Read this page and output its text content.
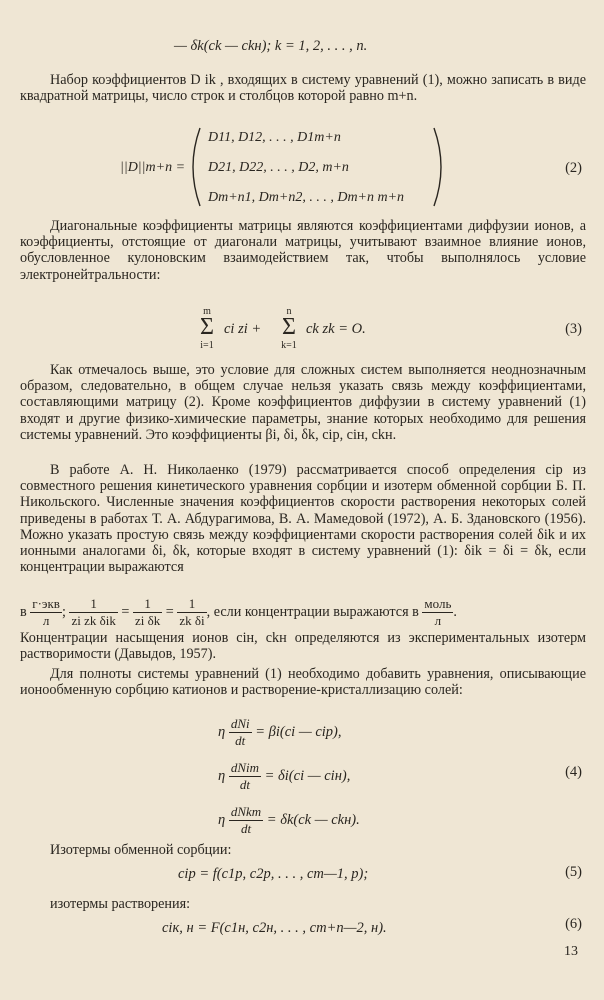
— δk(ck — ckн); k = 1, 2, . . . , n.

Набор коэффициентов D ik , входящих в систему уравнений (1), можно записать в виде квадратной матрицы, число строк и столбцов которой равно m+n.

||D||m+n =
D11, D12, . . . , D1m+n
D21, D22, . . . , D2, m+n
Dm+n1, Dm+n2, . . . , Dm+n m+n
(2)

Диагональные коэффициенты матрицы являются коэффициентами диффузии ионов, а коэффициенты, отстоящие от диагонали матрицы, учитывают взаимное влияние ионов, обусловленное кулоновским взаимодействием так, чтобы выполнялось условие электронейтральности:

m
Σ
i=1
ci zi +
n
Σ
k=1
ck zk = O.	(3)

Как отмечалось выше, это условие для сложных систем выполняется неоднозначным образом, следовательно, в общем случае нельзя указать связь между коэффициентами, составляющими матрицу (2). Кроме коэффициентов диффузии в систему уравнений (1) входят и другие физико-химические параметры, знание которых необходимо для решения системы уравнений. Это коэффициенты βi, δi, δk, cip, ciн, ckн.

В работе А. Н. Николаенко (1979) рассматривается способ определения cip из совместного решения кинетического уравнения сорбции и изотерм обменной сорбции Б. П. Никольского. Численные значения коэффициентов скорости растворения некоторых солей приведены в работах Т. А. Абдурагимова, В. А. Мамедовой (1972), А. Б. Здановского (1956). Можно указать простую связь между коэффициентами скорости растворения солей δik и их ионными аналогами δi, δk, которые входят в систему уравнений (1): δik = δi = δk, если концентрации выражаются

в $\frac{\text{г·экв}}{л}$ ; $\frac{1}{\text{zi zk δik}} = \frac{1}{\text{zi δk}} = \frac{1}{\text{zk δi}}$ , если концентрации выражаются в $\frac{\text{моль}}{л}$ .

Концентрации насыщения ионов ciн, ckн определяются из экспериментальных изотерм растворимости (Давыдов, 1957).

Для полноты системы уравнений (1) необходимо добавить уравнения, описывающие ионообменную сорбцию катионов и растворение-кристаллизацию солей:

η $\frac{\text{dNi}}{dt} = \beta i(ci$ — cip),
η $\frac{\text{dNiт}}{dt} = \delta i(ci$ — ciн),
η $\frac{\text{dNkт}}{dt} = \delta k(ck$ — ckн).
(4)

Изотермы обменной сорбции:

cip = f(c1p, c2p, . . . , cm—1, p);	(5)

изотермы растворения:

ciк, н = F(c1н, c2н, . . . , cm+n—2, н).	(6)
13
